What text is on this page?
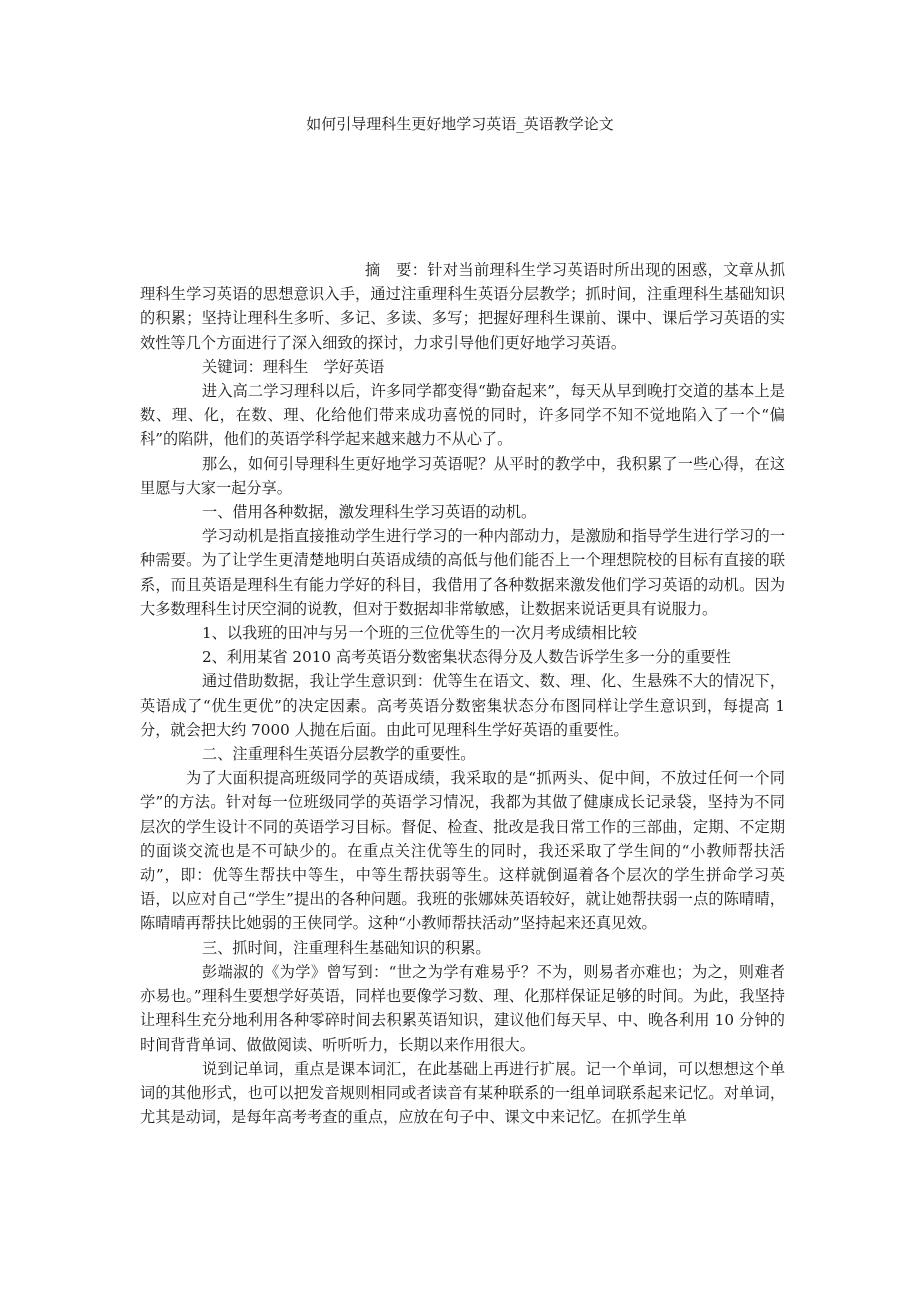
如何引导理科生更好地学习英语_英语教学论文

摘　要：针对当前理科生学习英语时所出现的困惑，文章从抓理科生学习英语的思想意识入手，通过注重理科生英语分层教学；抓时间，注重理科生基础知识的积累；坚持让理科生多听、多记、多读、多写；把握好理科生课前、课中、课后学习英语的实效性等几个方面进行了深入细致的探讨，力求引导他们更好地学习英语。

关键词：理科生　学好英语

进入高二学习理科以后，许多同学都变得“勤奋起来”，每天从早到晚打交道的基本上是数、理、化，在数、理、化给他们带来成功喜悦的同时，许多同学不知不觉地陷入了一个“偏科”的陷阱，他们的英语学科学起来越来越力不从心了。

那么，如何引导理科生更好地学习英语呢？从平时的教学中，我积累了一些心得，在这里愿与大家一起分享。

一、借用各种数据，激发理科生学习英语的动机。

学习动机是指直接推动学生进行学习的一种内部动力，是激励和指导学生进行学习的一种需要。为了让学生更清楚地明白英语成绩的高低与他们能否上一个理想院校的目标有直接的联系，而且英语是理科生有能力学好的科目，我借用了各种数据来激发他们学习英语的动机。因为大多数理科生讨厌空洞的说教，但对于数据却非常敏感，让数据来说话更具有说服力。

1、以我班的田冲与另一个班的三位优等生的一次月考成绩相比较

2、利用某省 2010 高考英语分数密集状态得分及人数告诉学生多一分的重要性

通过借助数据，我让学生意识到：优等生在语文、数、理、化、生悬殊不大的情况下，英语成了“优生更优”的决定因素。高考英语分数密集状态分布图同样让学生意识到，每提高 1 分，就会把大约 7000 人抛在后面。由此可见理科生学好英语的重要性。

二、注重理科生英语分层教学的重要性。

为了大面积提高班级同学的英语成绩，我采取的是“抓两头、促中间，不放过任何一个同学”的方法。针对每一位班级同学的英语学习情况，我都为其做了健康成长记录袋，坚持为不同层次的学生设计不同的英语学习目标。督促、检查、批改是我日常工作的三部曲，定期、不定期的面谈交流也是不可缺少的。在重点关注优等生的同时，我还采取了学生间的“小教师帮扶活动”，即：优等生帮扶中等生，中等生帮扶弱等生。这样就倒逼着各个层次的学生拼命学习英语，以应对自己“学生”提出的各种问题。我班的张娜妹英语较好，就让她帮扶弱一点的陈晴晴，陈晴晴再帮扶比她弱的王侠同学。这种“小教师帮扶活动”坚持起来还真见效。

三、抓时间，注重理科生基础知识的积累。

彭端淑的《为学》曾写到：“世之为学有难易乎？不为，则易者亦难也；为之，则难者亦易也。”理科生要想学好英语，同样也要像学习数、理、化那样保证足够的时间。为此，我坚持让理科生充分地利用各种零碎时间去积累英语知识，建议他们每天早、中、晚各利用 10 分钟的时间背背单词、做做阅读、听听听力，长期以来作用很大。

说到记单词，重点是课本词汇，在此基础上再进行扩展。记一个单词，可以想想这个单词的其他形式，也可以把发音规则相同或者读音有某种联系的一组单词联系起来记忆。对单词，尤其是动词，是每年高考考查的重点，应放在句子中、课文中来记忆。在抓学生单
